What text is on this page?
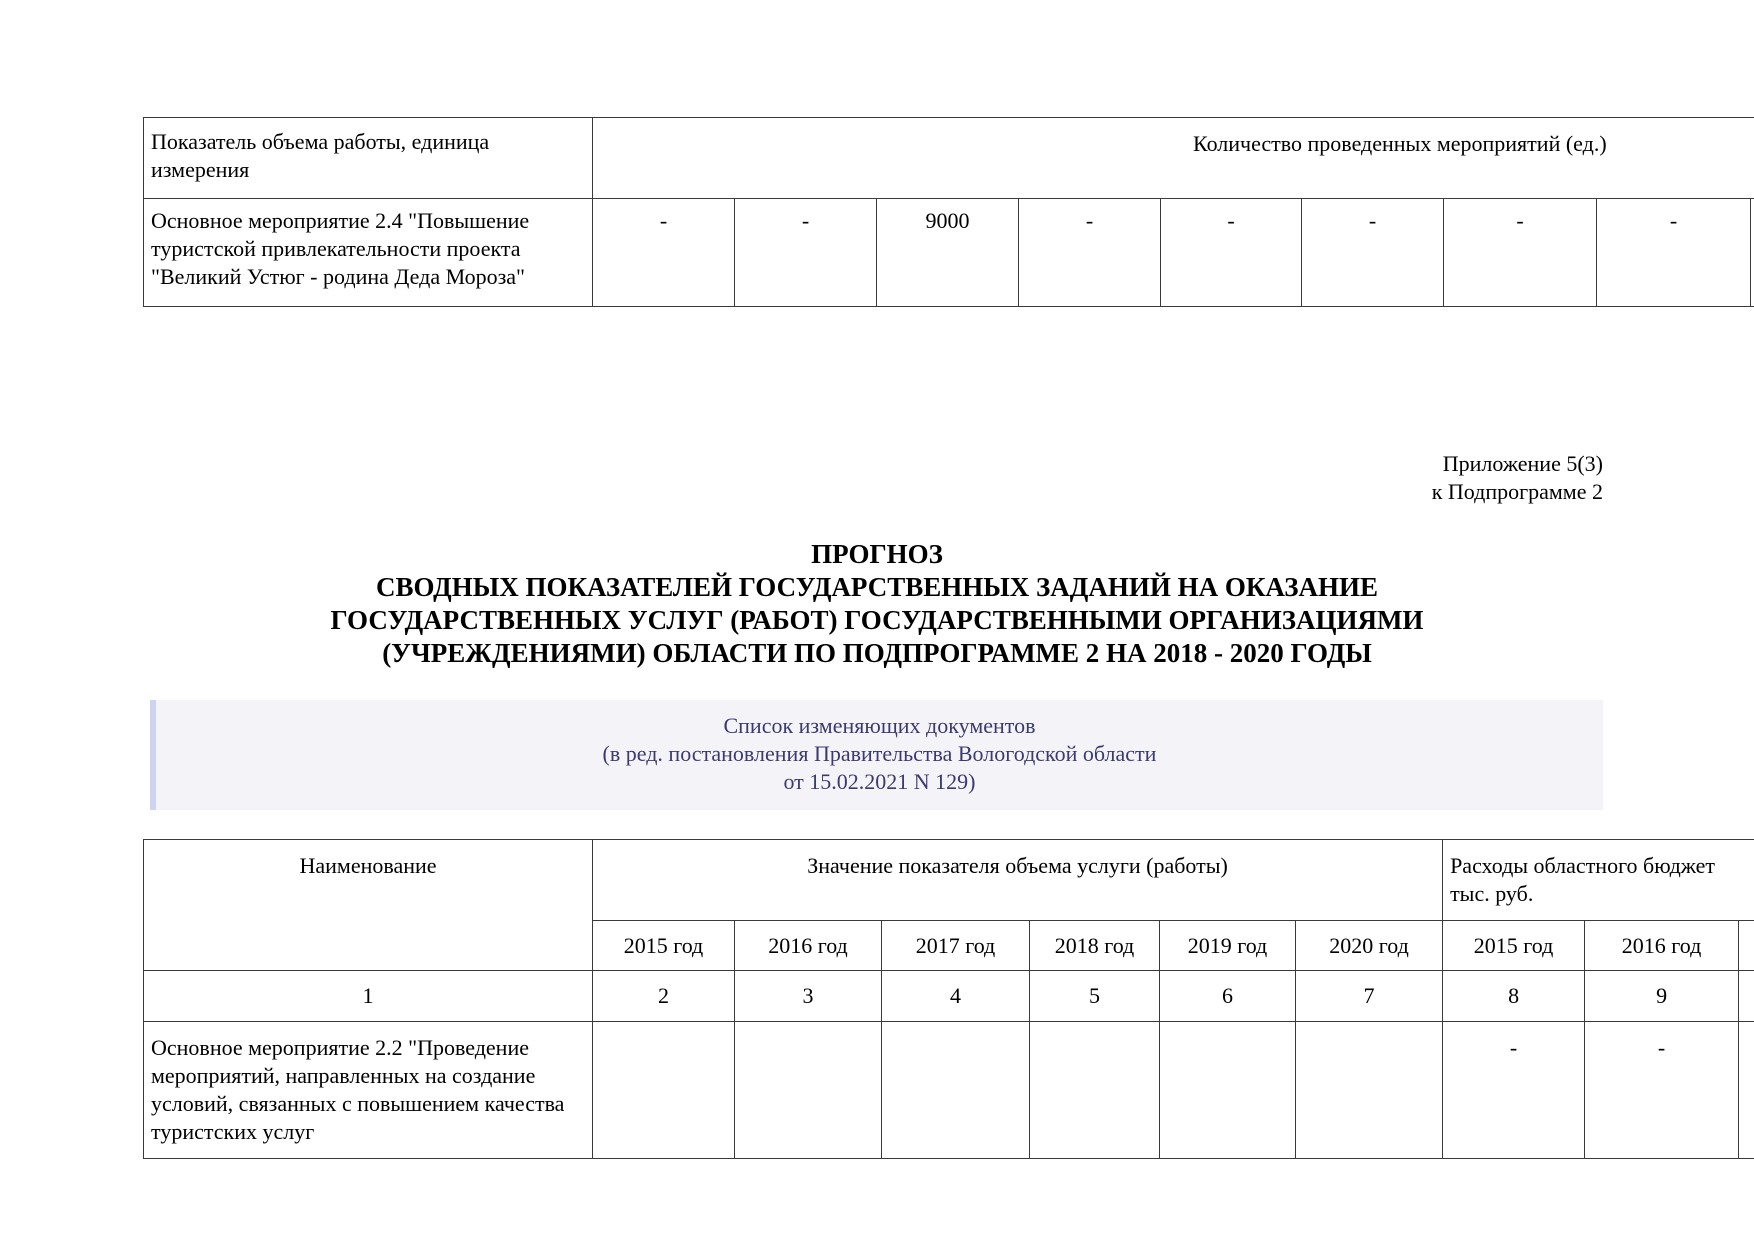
Показатель объема работы, единица измерения	Количество проведенных мероприятий (ед.)								
Основное мероприятие 2.4 "Повышение туристской привлекательности проекта "Великий Устюг - родина Деда Мороза"	-	-	9000	-	-	-	-	-	
Приложение 5(3)
к Подпрограмме 2
ПРОГНОЗ
СВОДНЫХ ПОКАЗАТЕЛЕЙ ГОСУДАРСТВЕННЫХ ЗАДАНИЙ НА ОКАЗАНИЕ
ГОСУДАРСТВЕННЫХ УСЛУГ (РАБОТ) ГОСУДАРСТВЕННЫМИ ОРГАНИЗАЦИЯМИ
(УЧРЕЖДЕНИЯМИ) ОБЛАСТИ ПО ПОДПРОГРАММЕ 2 НА 2018 - 2020 ГОДЫ
Список изменяющих документов
(в ред. постановления Правительства Вологодской области
от 15.02.2021 N 129)
Наименование	Значение показателя объема услуги (работы)						Расходы областного бюджет
тыс. руб.		

	2015 год	2016 год	2017 год	2018 год	2019 год	2020 год	2015 год	2016 год	
1	2	3	4	5	6	7	8	9	
Основное мероприятие 2.2 "Проведение мероприятий, направленных на создание условий, связанных с повышением качества туристских услуг							-	-	
